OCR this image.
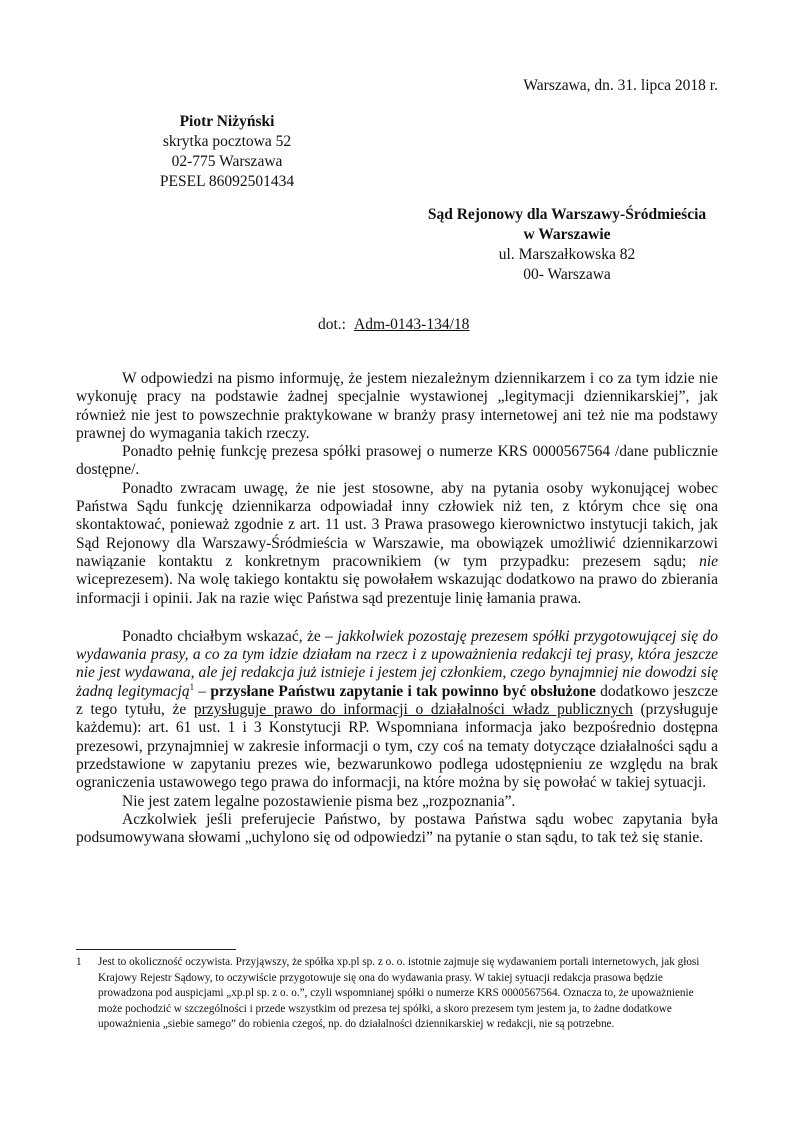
Warszawa, dn. 31. lipca 2018 r.
Piotr Niżyński
skrytka pocztowa 52
02-775 Warszawa
PESEL 86092501434
Sąd Rejonowy dla Warszawy-Śródmieścia
w Warszawie
ul. Marszałkowska 82
00- Warszawa
dot.: Adm-0143-134/18

W odpowiedzi na pismo informuję, że jestem niezależnym dziennikarzem i co za tym idzie nie wykonuję pracy na podstawie żadnej specjalnie wystawionej „legitymacji dziennikarskiej”, jak również nie jest to powszechnie praktykowane w branży prasy internetowej ani też nie ma podstawy prawnej do wymagania takich rzeczy.

Ponadto pełnię funkcję prezesa spółki prasowej o numerze KRS 0000567564 /dane publicznie dostępne/.

Ponadto zwracam uwagę, że nie jest stosowne, aby na pytania osoby wykonującej wobec Państwa Sądu funkcję dziennikarza odpowiadał inny człowiek niż ten, z którym chce się ona skontaktować, ponieważ zgodnie z art. 11 ust. 3 Prawa prasowego kierownictwo instytucji takich, jak Sąd Rejonowy dla Warszawy-Śródmieścia w Warszawie, ma obowiązek umożliwić dziennikarzowi nawiązanie kontaktu z konkretnym pracownikiem (w tym przypadku: prezesem sądu; nie wiceprezesem). Na wolę takiego kontaktu się powołałem wskazując dodatkowo na prawo do zbierania informacji i opinii. Jak na razie więc Państwa sąd prezentuje linię łamania prawa.

Ponadto chciałbym wskazać, że – jakkolwiek pozostaję prezesem spółki przygotowującej się do wydawania prasy, a co za tym idzie działam na rzecz i z upoważnienia redakcji tej prasy, która jeszcze nie jest wydawana, ale jej redakcja już istnieje i jestem jej członkiem, czego bynajmniej nie dowodzi się żadną legitymacją$^1$ – przysłane Państwu zapytanie i tak powinno być obsłużone dodatkowo jeszcze z tego tytułu, że przysługuje prawo do informacji o działalności władz publicznych (przysługuje każdemu): art. 61 ust. 1 i 3 Konstytucji RP. Wspomniana informacja jako bezpośrednio dostępna prezesowi, przynajmniej w zakresie informacji o tym, czy coś na tematy dotyczące działalności sądu a przedstawione w zapytaniu prezes wie, bezwarunkowo podlega udostępnieniu ze względu na brak ograniczenia ustawowego tego prawa do informacji, na które można by się powołać w takiej sytuacji.

Nie jest zatem legalne pozostawienie pisma bez „rozpoznania”.

Aczkolwiek jeśli preferujecie Państwo, by postawa Państwa sądu wobec zapytania była podsumowywana słowami „uchylono się od odpowiedzi” na pytanie o stan sądu, to tak też się stanie.

1 Jest to okoliczność oczywista. Przyjąwszy, że spółka xp.pl sp. z o. o. istotnie zajmuje się wydawaniem portali internetowych, jak głosi Krajowy Rejestr Sądowy, to oczywiście przygotowuje się ona do wydawania prasy. W takiej sytuacji redakcja prasowa będzie prowadzona pod auspicjami „xp.pl sp. z o. o.”, czyli wspomnianej spółki o numerze KRS 0000567564. Oznacza to, że upoważnienie może pochodzić w szczególności i przede wszystkim od prezesa tej spółki, a skoro prezesem tym jestem ja, to żadne dodatkowe upoważnienia „siebie samego” do robienia czegoś, np. do działalności dziennikarskiej w redakcji, nie są potrzebne.
